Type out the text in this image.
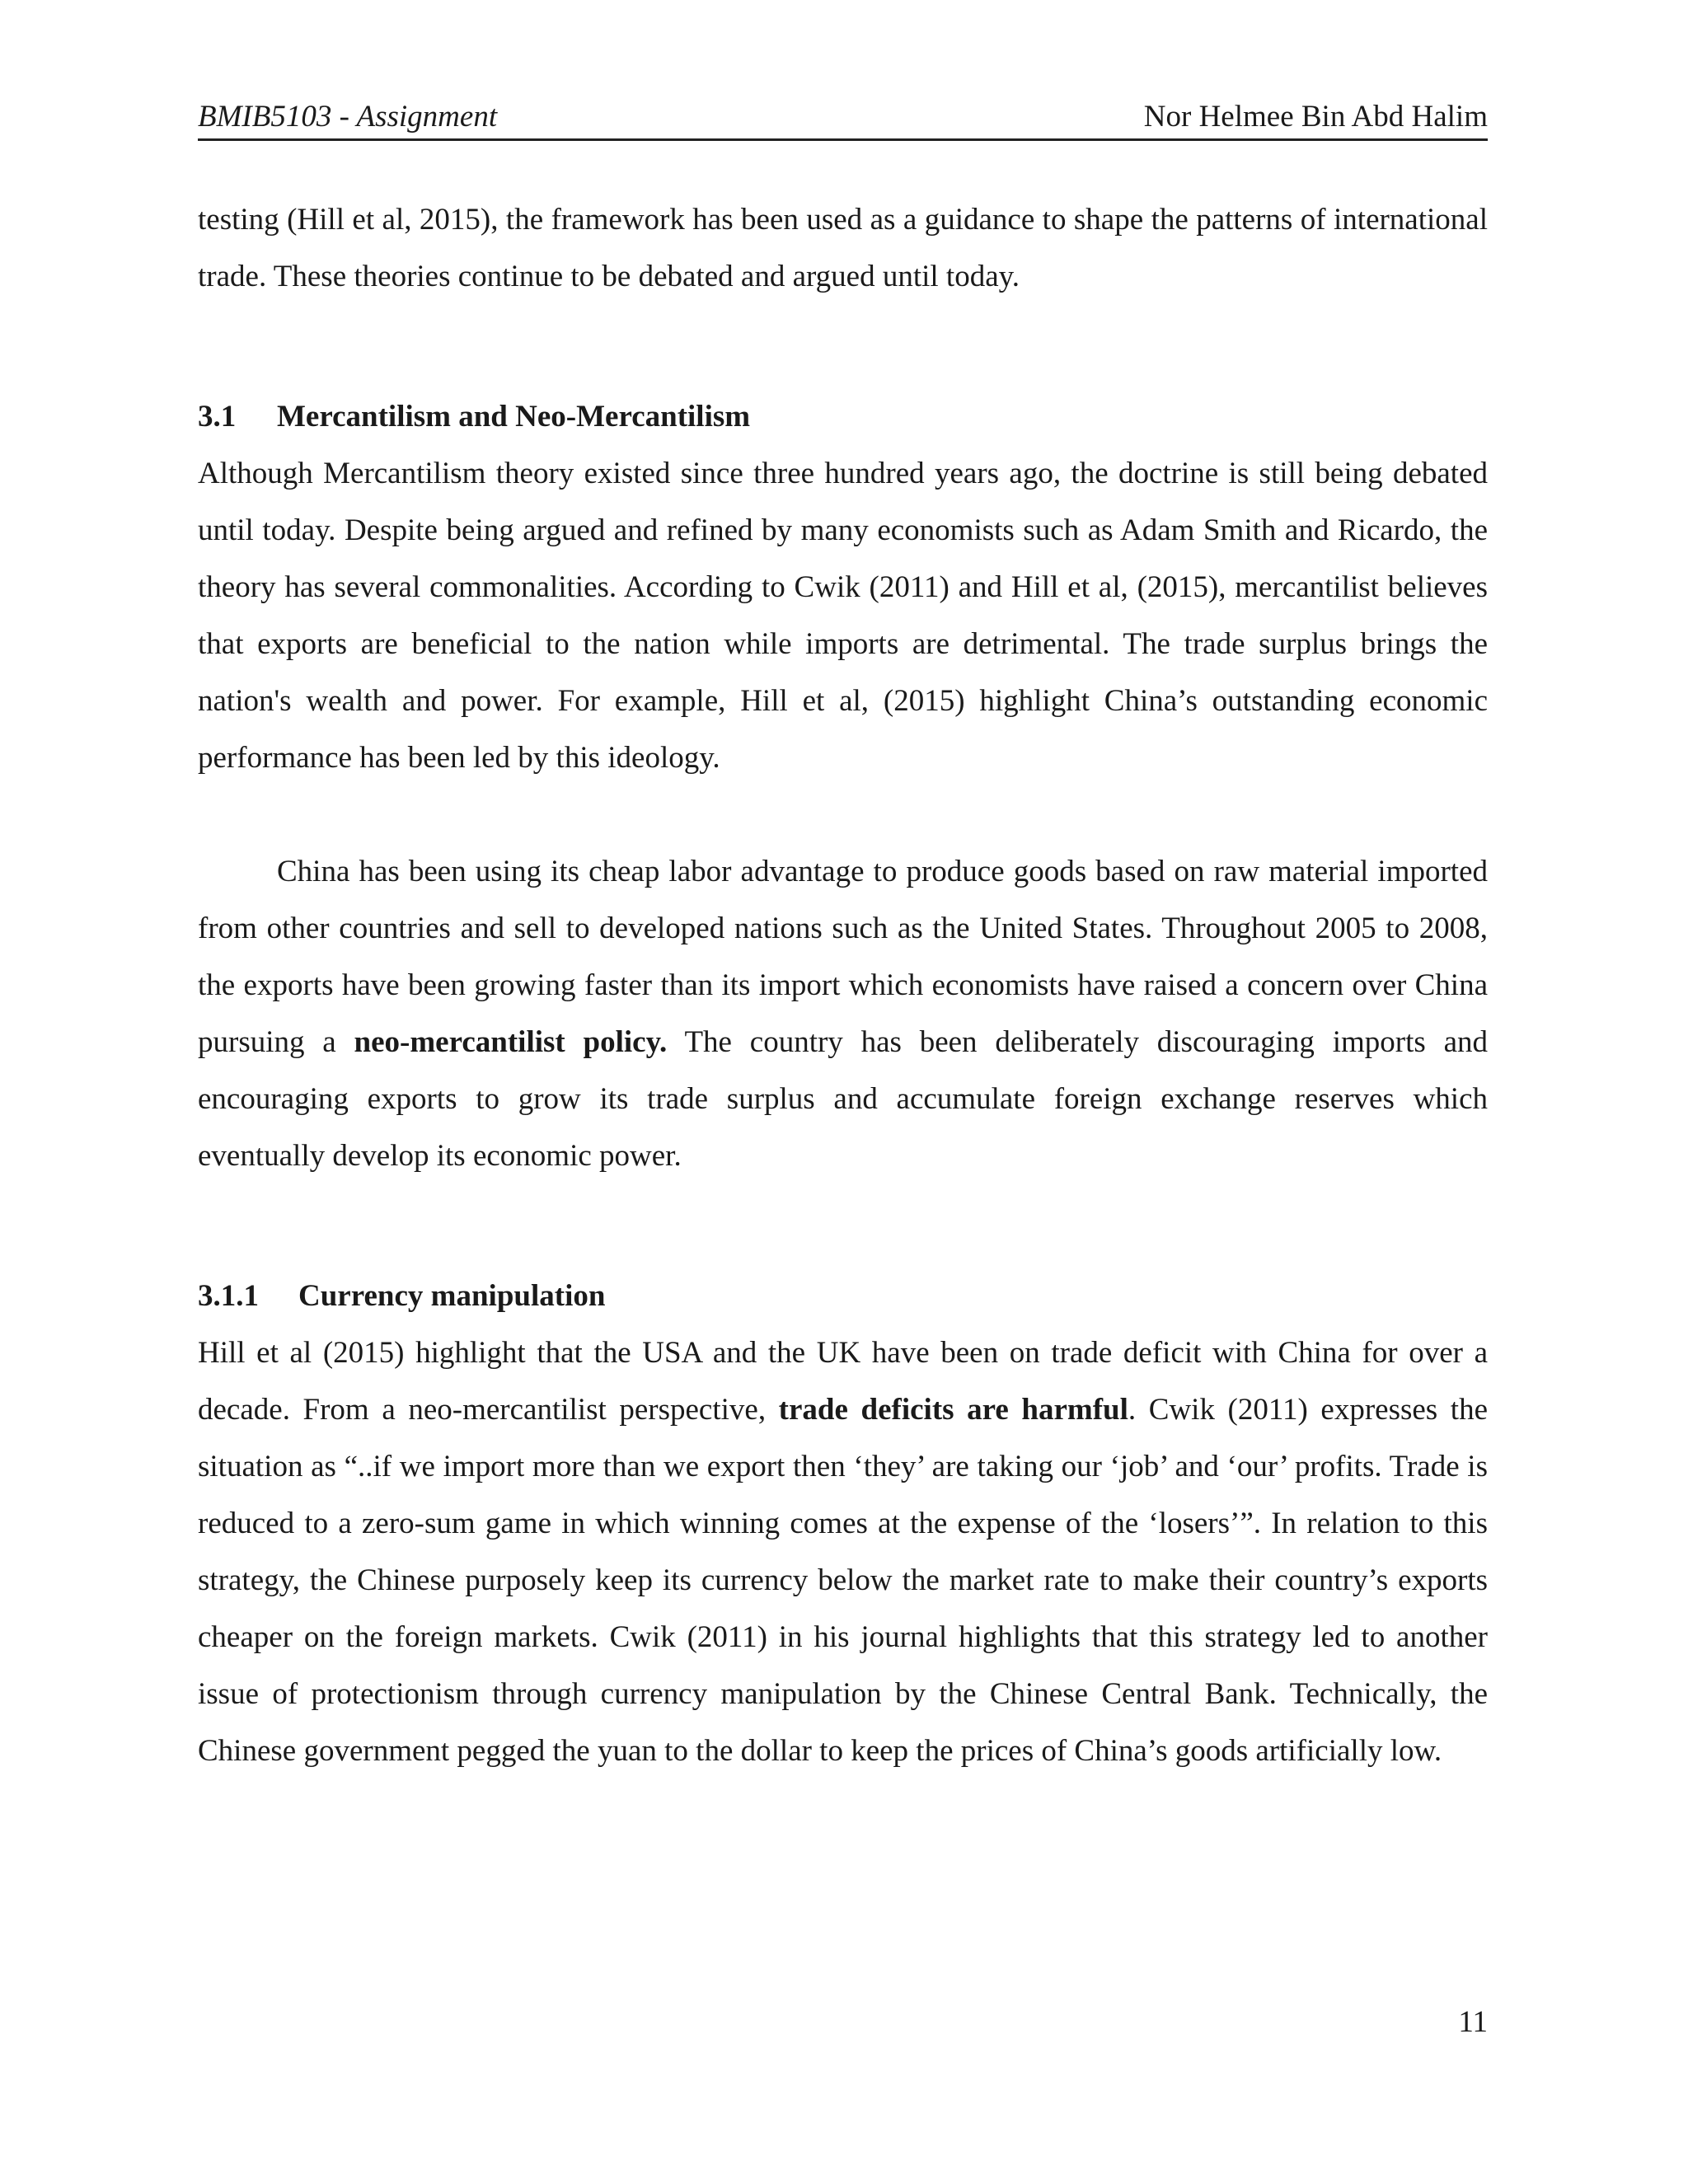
BMIB5103 - Assignment	Nor Helmee Bin Abd Halim

testing (Hill et al, 2015), the framework has been used as a guidance to shape the patterns of international trade. These theories continue to be debated and argued until today.

3.1 Mercantilism and Neo-Mercantilism

Although Mercantilism theory existed since three hundred years ago, the doctrine is still being debated until today. Despite being argued and refined by many economists such as Adam Smith and Ricardo, the theory has several commonalities. According to Cwik (2011) and Hill et al, (2015), mercantilist believes that exports are beneficial to the nation while imports are detrimental. The trade surplus brings the nation's wealth and power. For example, Hill et al, (2015) highlight China’s outstanding economic performance has been led by this ideology.

China has been using its cheap labor advantage to produce goods based on raw material imported from other countries and sell to developed nations such as the United States. Throughout 2005 to 2008, the exports have been growing faster than its import which economists have raised a concern over China pursuing a neo-mercantilist policy. The country has been deliberately discouraging imports and encouraging exports to grow its trade surplus and accumulate foreign exchange reserves which eventually develop its economic power.

3.1.1 Currency manipulation

Hill et al (2015) highlight that the USA and the UK have been on trade deficit with China for over a decade. From a neo-mercantilist perspective, trade deficits are harmful. Cwik (2011) expresses the situation as “..if we import more than we export then ‘they’ are taking our ‘job’ and ‘our’ profits. Trade is reduced to a zero-sum game in which winning comes at the expense of the ‘losers’”. In relation to this strategy, the Chinese purposely keep its currency below the market rate to make their country’s exports cheaper on the foreign markets. Cwik (2011) in his journal highlights that this strategy led to another issue of protectionism through currency manipulation by the Chinese Central Bank. Technically, the Chinese government pegged the yuan to the dollar to keep the prices of China’s goods artificially low.

11
